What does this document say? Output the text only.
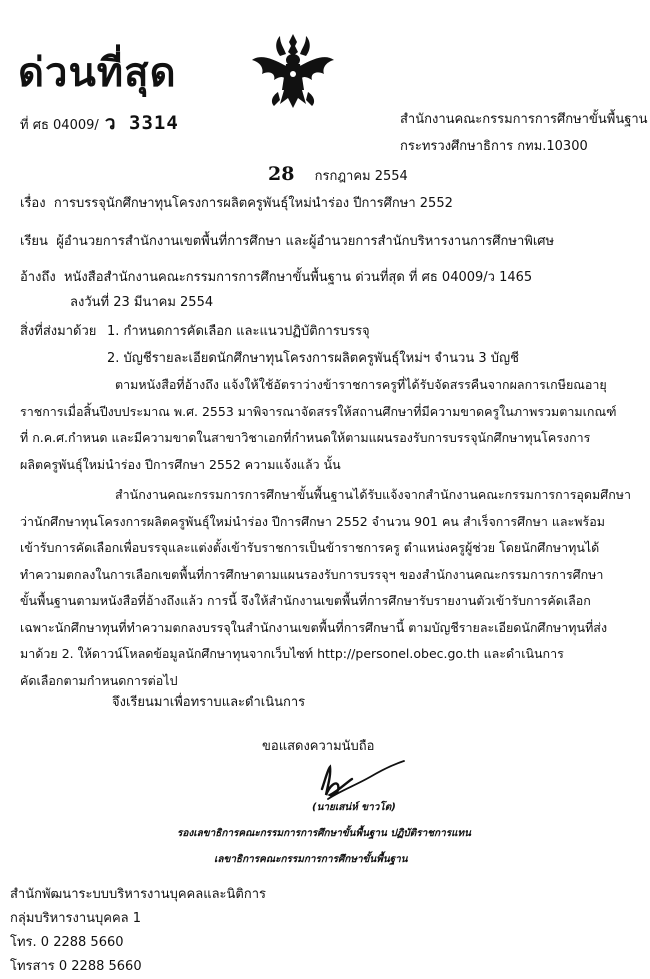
ด่วนที่สุด
ที่ ศธ 04009/ ว 3314	สำนักงานคณะกรรมการการศึกษาขั้นพื้นฐาน
กระทรวงศึกษาธิการ กทม.10300
28 กรกฎาคม 2554
เรื่อง การบรรจุนักศึกษาทุนโครงการผลิตครูพันธุ์ใหม่นำร่อง ปีการศึกษา 2552
เรียน ผู้อำนวยการสำนักงานเขตพื้นที่การศึกษา และผู้อำนวยการสำนักบริหารงานการศึกษาพิเศษ
อ้างถึง หนังสือสำนักงานคณะกรรมการการศึกษาขั้นพื้นฐาน ด่วนที่สุด ที่ ศธ 04009/ว 1465
ลงวันที่ 23 มีนาคม 2554
สิ่งที่ส่งมาด้วย 1. กำหนดการคัดเลือก และแนวปฏิบัติการบรรจุ
2. บัญชีรายละเอียดนักศึกษาทุนโครงการผลิตครูพันธุ์ใหม่ฯ จำนวน 3 บัญชี
ตามหนังสือที่อ้างถึง แจ้งให้ใช้อัตราว่างข้าราชการครูที่ได้รับจัดสรรคืนจากผลการเกษียณอายุ
ราชการเมื่อสิ้นปีงบประมาณ พ.ศ. 2553 มาพิจารณาจัดสรรให้สถานศึกษาที่มีความขาดครูในภาพรวมตามเกณฑ์
ที่ ก.ค.ศ.กำหนด และมีความขาดในสาขาวิชาเอกที่กำหนดให้ตามแผนรองรับการบรรจุนักศึกษาทุนโครงการ
ผลิตครูพันธุ์ใหม่นำร่อง ปีการศึกษา 2552 ความแจ้งแล้ว นั้น
สำนักงานคณะกรรมการการศึกษาขั้นพื้นฐานได้รับแจ้งจากสำนักงานคณะกรรมการการอุดมศึกษา
ว่านักศึกษาทุนโครงการผลิตครูพันธุ์ใหม่นำร่อง ปีการศึกษา 2552 จำนวน 901 คน สำเร็จการศึกษา และพร้อม
เข้ารับการคัดเลือกเพื่อบรรจุและแต่งตั้งเข้ารับราชการเป็นข้าราชการครู ตำแหน่งครูผู้ช่วย โดยนักศึกษาทุนได้
ทำความตกลงในการเลือกเขตพื้นที่การศึกษาตามแผนรองรับการบรรจุฯ ของสำนักงานคณะกรรมการการศึกษา
ขั้นพื้นฐานตามหนังสือที่อ้างถึงแล้ว การนี้ จึงให้สำนักงานเขตพื้นที่การศึกษารับรายงานตัวเข้ารับการคัดเลือก
เฉพาะนักศึกษาทุนที่ทำความตกลงบรรจุในสำนักงานเขตพื้นที่การศึกษานี้ ตามบัญชีรายละเอียดนักศึกษาทุนที่ส่ง
มาด้วย 2. ให้ดาวน์โหลดข้อมูลนักศึกษาทุนจากเว็บไซท์ http://personel.obec.go.th และดำเนินการ
คัดเลือกตามกำหนดการต่อไป
จึงเรียนมาเพื่อทราบและดำเนินการ
ขอแสดงความนับถือ
(นายเสน่ห์ ขาวโต)
รองเลขาธิการคณะกรรมการการศึกษาขั้นพื้นฐาน ปฏิบัติราชการแทน
เลขาธิการคณะกรรมการการศึกษาขั้นพื้นฐาน
สำนักพัฒนาระบบบริหารงานบุคคลและนิติการ
กลุ่มบริหารงานบุคคล 1
โทร. 0 2288 5660
โทรสาร 0 2288 5660
